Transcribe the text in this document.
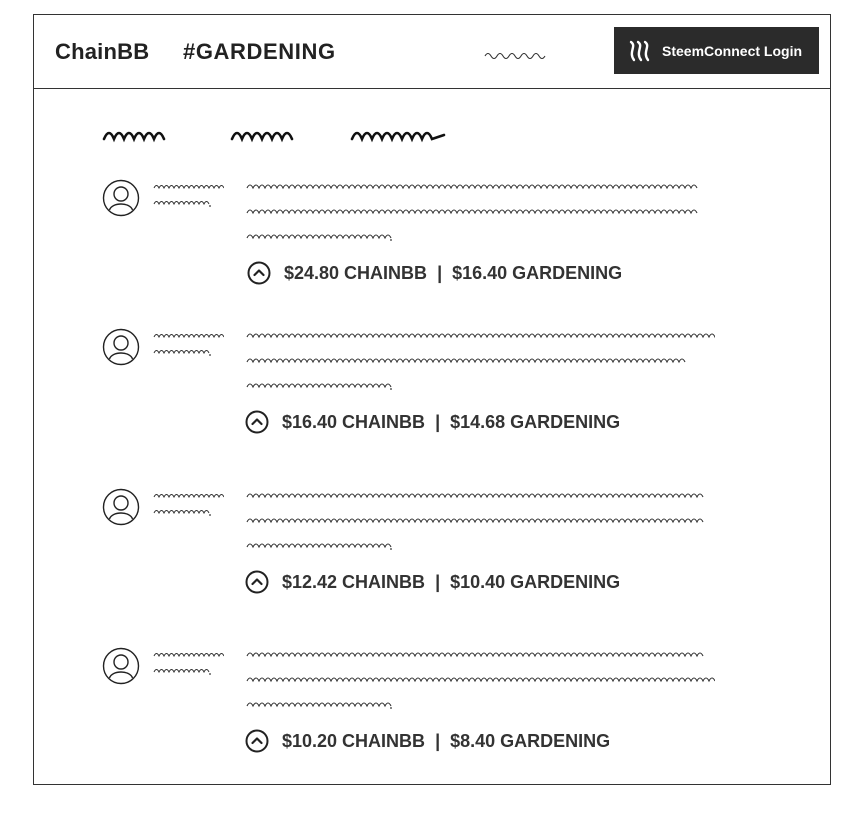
ChainBB #GARDENING	SteemConnect Login
$24.80 CHAINBB | $16.40 GARDENING
$16.40 CHAINBB | $14.68 GARDENING
$12.42 CHAINBB | $10.40 GARDENING
$10.20 CHAINBB | $8.40 GARDENING
